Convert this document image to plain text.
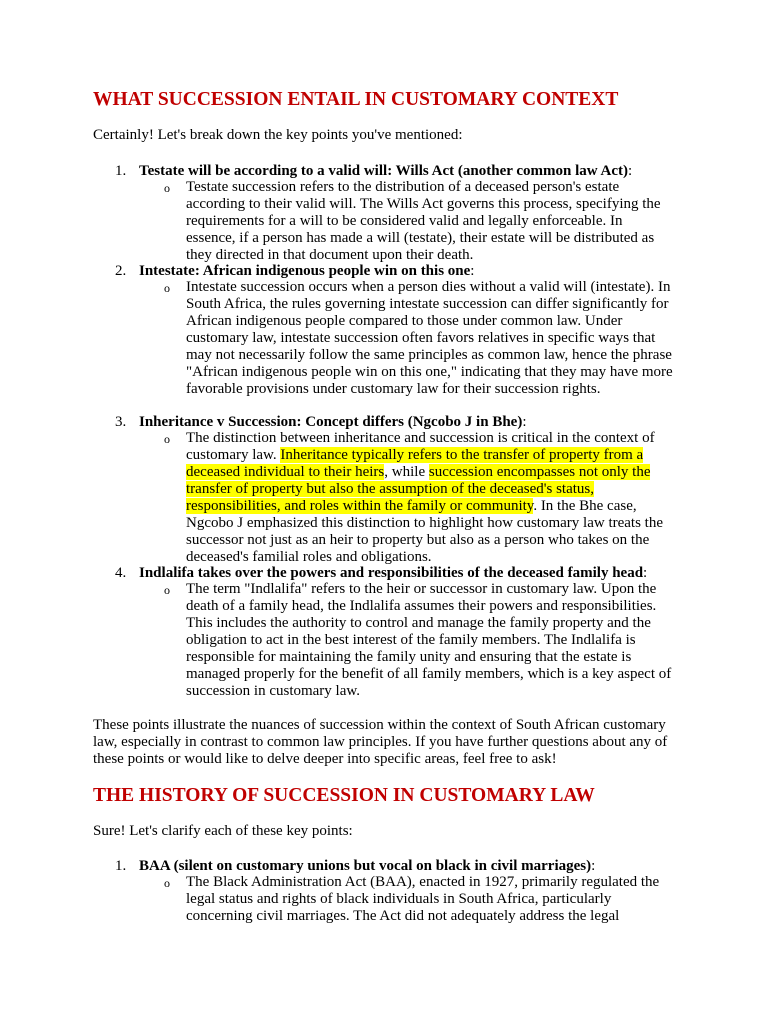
WHAT SUCCESSION ENTAIL IN CUSTOMARY CONTEXT

Certainly! Let's break down the key points you've mentioned:

1. Testate will be according to a valid will: Wills Act (another common law Act):
o Testate succession refers to the distribution of a deceased person's estate according to their valid will. The Wills Act governs this process, specifying the requirements for a will to be considered valid and legally enforceable. In essence, if a person has made a will (testate), their estate will be distributed as they directed in that document upon their death.

2. Intestate: African indigenous people win on this one:
o Intestate succession occurs when a person dies without a valid will (intestate). In South Africa, the rules governing intestate succession can differ significantly for African indigenous people compared to those under common law. Under customary law, intestate succession often favors relatives in specific ways that may not necessarily follow the same principles as common law, hence the phrase "African indigenous people win on this one," indicating that they may have more favorable provisions under customary law for their succession rights.

3. Inheritance v Succession: Concept differs (Ngcobo J in Bhe):
o The distinction between inheritance and succession is critical in the context of customary law. Inheritance typically refers to the transfer of property from a deceased individual to their heirs, while succession encompasses not only the transfer of property but also the assumption of the deceased's status, responsibilities, and roles within the family or community. In the Bhe case, Ngcobo J emphasized this distinction to highlight how customary law treats the successor not just as an heir to property but also as a person who takes on the deceased's familial roles and obligations.

4. Indlalifa takes over the powers and responsibilities of the deceased family head:
o The term "Indlalifa" refers to the heir or successor in customary law. Upon the death of a family head, the Indlalifa assumes their powers and responsibilities. This includes the authority to control and manage the family property and the obligation to act in the best interest of the family members. The Indlalifa is responsible for maintaining the family unity and ensuring that the estate is managed properly for the benefit of all family members, which is a key aspect of succession in customary law.

These points illustrate the nuances of succession within the context of South African customary law, especially in contrast to common law principles. If you have further questions about any of these points or would like to delve deeper into specific areas, feel free to ask!

THE HISTORY OF SUCCESSION IN CUSTOMARY LAW

Sure! Let's clarify each of these key points:

1. BAA (silent on customary unions but vocal on black in civil marriages):
o The Black Administration Act (BAA), enacted in 1927, primarily regulated the legal status and rights of black individuals in South Africa, particularly concerning civil marriages. The Act did not adequately address the legal
